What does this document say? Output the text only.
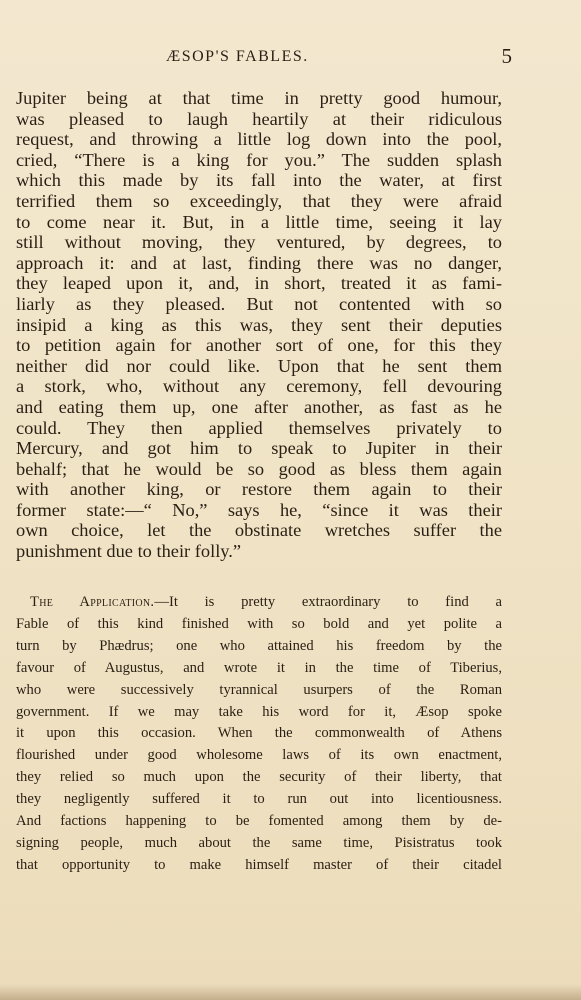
ÆSOP'S FABLES.	5
Jupiter being at that time in pretty good humour,
was pleased to laugh heartily at their ridiculous
request, and throwing a little log down into the pool,
cried, “There is a king for you.” The sudden splash
which this made by its fall into the water, at first
terrified them so exceedingly, that they were afraid
to come near it. But, in a little time, seeing it lay
still without moving, they ventured, by degrees, to
approach it: and at last, finding there was no danger,
they leaped upon it, and, in short, treated it as fami-
liarly as they pleased. But not contented with so
insipid a king as this was, they sent their deputies
to petition again for another sort of one, for this they
neither did nor could like. Upon that he sent them
a stork, who, without any ceremony, fell devouring
and eating them up, one after another, as fast as he
could. They then applied themselves privately to
Mercury, and got him to speak to Jupiter in their
behalf; that he would be so good as bless them again
with another king, or restore them again to their
former state:—“ No,” says he, “since it was their
own choice, let the obstinate wretches suffer the
punishment due to their folly.”
The Application.—It is pretty extraordinary to find a
Fable of this kind finished with so bold and yet polite a
turn by Phædrus; one who attained his freedom by the
favour of Augustus, and wrote it in the time of Tiberius,
who were successively tyrannical usurpers of the Roman
government. If we may take his word for it, Æsop spoke
it upon this occasion. When the commonwealth of Athens
flourished under good wholesome laws of its own enactment,
they relied so much upon the security of their liberty, that
they negligently suffered it to run out into licentiousness.
And factions happening to be fomented among them by de-
signing people, much about the same time, Pisistratus took
that opportunity to make himself master of their citadel
